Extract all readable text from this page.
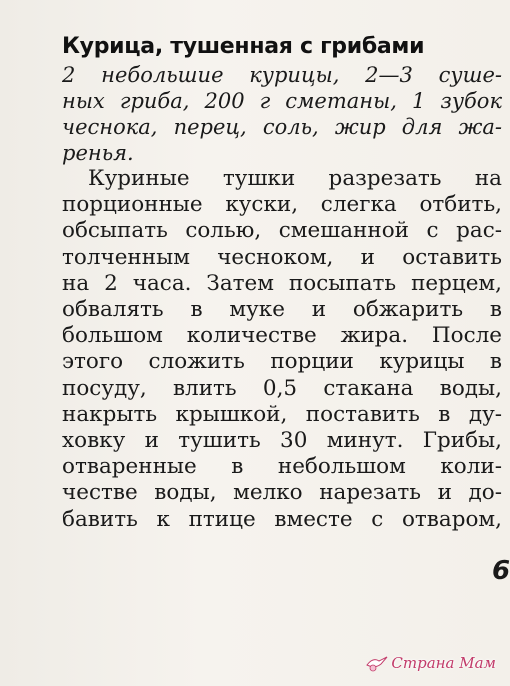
Курица, тушенная с грибами
2 небольшие курицы, 2—3 суше-
ных гриба, 200 г сметаны, 1 зубок
чеснока, перец, соль, жир для жа-
ренья.
Куриные тушки разрезать на
порционные куски, слегка отбить,
обсыпать солью, смешанной с рас-
толченным чесноком, и оставить
на 2 часа. Затем посыпать перцем,
обвалять в муке и обжарить в
большом количестве жира. После
этого сложить порции курицы в
посуду, влить 0,5 стакана воды,
накрыть крышкой, поставить в ду-
ховку и тушить 30 минут. Грибы,
отваренные в небольшом коли-
честве воды, мелко нарезать и до-
бавить к птице вместе с отваром,
6
Страна Мам
